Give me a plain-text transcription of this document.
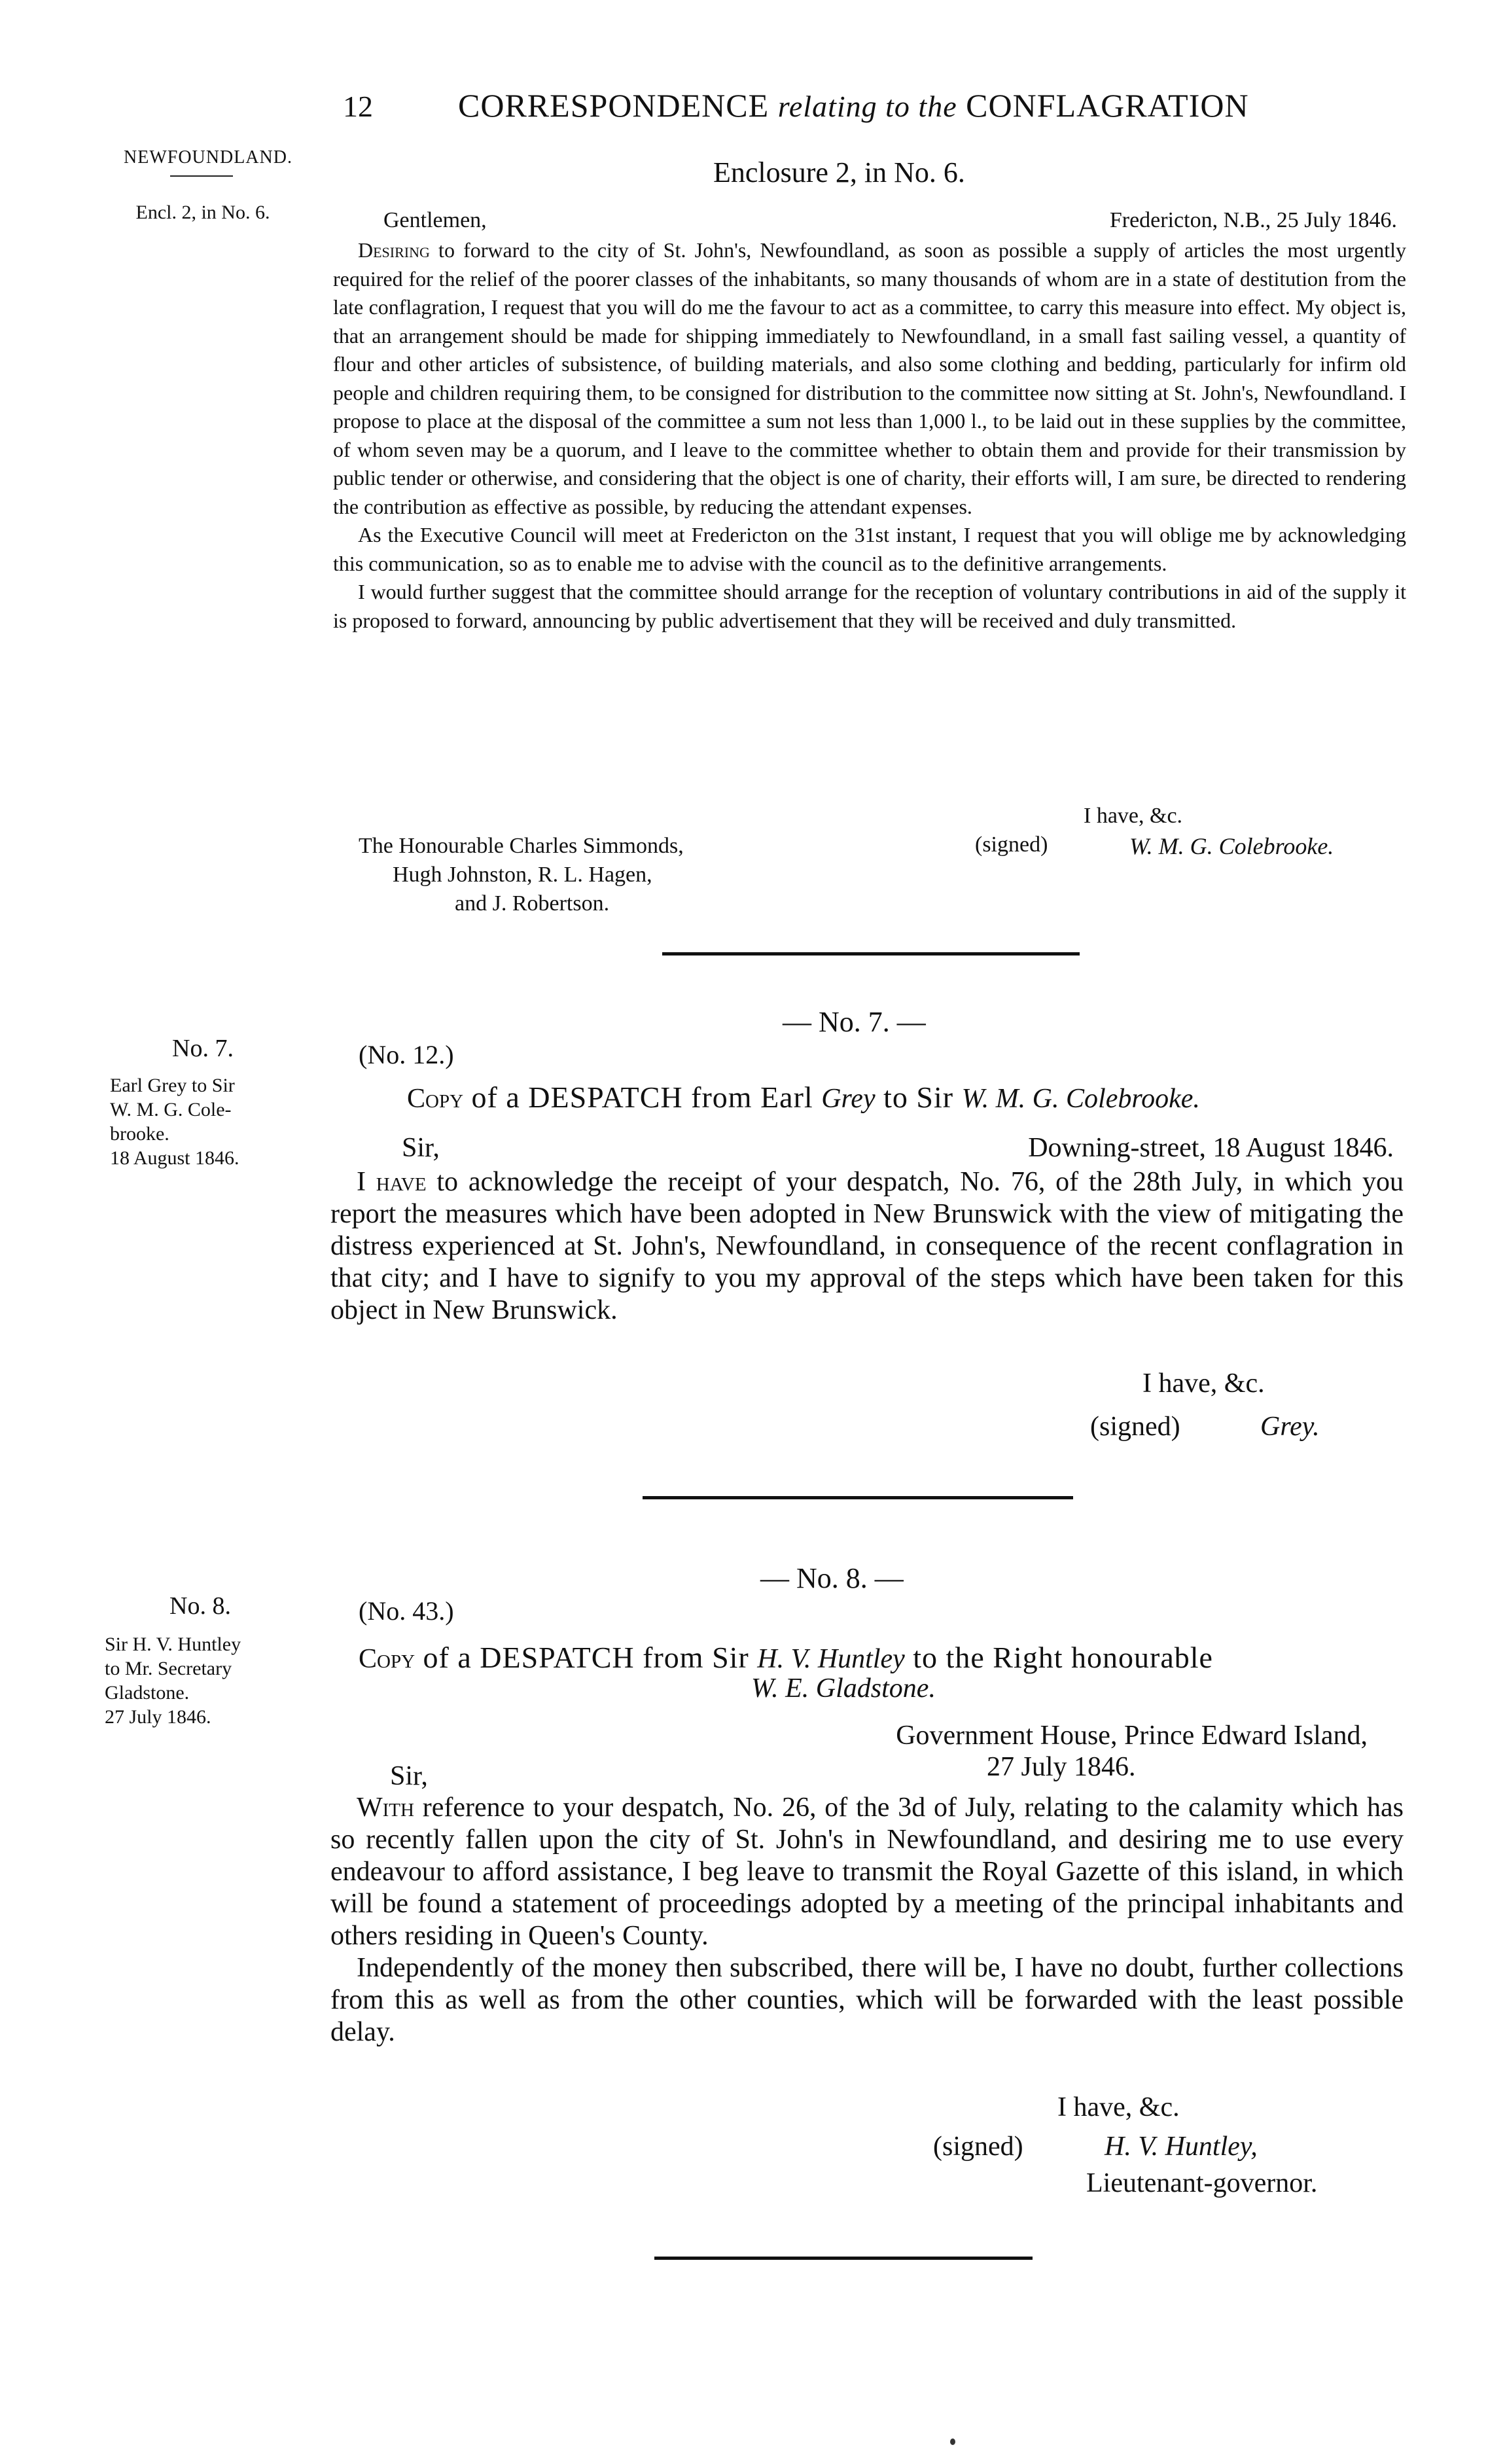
12	CORRESPONDENCE relating to the CONFLAGRATION
NEWFOUNDLAND.
Encl. 2, in No. 6.
Enclosure 2, in No. 6.
Gentlemen,	Fredericton, N.B., 25 July 1846.

Desiring to forward to the city of St. John's, Newfoundland, as soon as possible a supply of articles the most urgently required for the relief of the poorer classes of the inhabitants, so many thousands of whom are in a state of destitution from the late conflagration, I request that you will do me the favour to act as a committee, to carry this measure into effect. My object is, that an arrangement should be made for shipping immediately to Newfoundland, in a small fast sailing vessel, a quantity of flour and other articles of subsistence, of building materials, and also some clothing and bedding, particularly for infirm old people and children requiring them, to be consigned for distribution to the committee now sitting at St. John's, Newfoundland. I propose to place at the disposal of the committee a sum not less than 1,000 l., to be laid out in these supplies by the committee, of whom seven may be a quorum, and I leave to the committee whether to obtain them and provide for their transmission by public tender or otherwise, and considering that the object is one of charity, their efforts will, I am sure, be directed to rendering the contribution as effective as possible, by reducing the attendant expenses.

As the Executive Council will meet at Fredericton on the 31st instant, I request that you will oblige me by acknowledging this communication, so as to enable me to advise with the council as to the definitive arrangements.

I would further suggest that the committee should arrange for the reception of voluntary contributions in aid of the supply it is proposed to forward, announcing by public advertisement that they will be received and duly transmitted.

I have, &c.
(signed)	W. M. G. Colebrooke.
The Honourable Charles Simmonds,
Hugh Johnston, R. L. Hagen,
and J. Robertson.
— No. 7. —
No. 7.
Earl Grey to Sir
W. M. G. Cole-
brooke.
18 August 1846.
(No. 12.)
Copy of a DESPATCH from Earl Grey to Sir W. M. G. Colebrooke.
Sir,	Downing-street, 18 August 1846.

I have to acknowledge the receipt of your despatch, No. 76, of the 28th July, in which you report the measures which have been adopted in New Brunswick with the view of mitigating the distress experienced at St. John's, Newfoundland, in consequence of the recent conflagration in that city; and I have to signify to you my approval of the steps which have been taken for this object in New Brunswick.

I have, &c.
(signed)	Grey.
— No. 8. —
No. 8.
Sir H. V. Huntley
to Mr. Secretary
Gladstone.
27 July 1846.
(No. 43.)
Copy of a DESPATCH from Sir H. V. Huntley to the Right honourable
W. E. Gladstone.
Government House, Prince Edward Island,
27 July 1846.
Sir,

With reference to your despatch, No. 26, of the 3d of July, relating to the calamity which has so recently fallen upon the city of St. John's in Newfoundland, and desiring me to use every endeavour to afford assistance, I beg leave to transmit the Royal Gazette of this island, in which will be found a statement of proceedings adopted by a meeting of the principal inhabitants and others residing in Queen's County.

Independently of the money then subscribed, there will be, I have no doubt, further collections from this as well as from the other counties, which will be forwarded with the least possible delay.

I have, &c.
(signed)	H. V. Huntley,
Lieutenant-governor.
